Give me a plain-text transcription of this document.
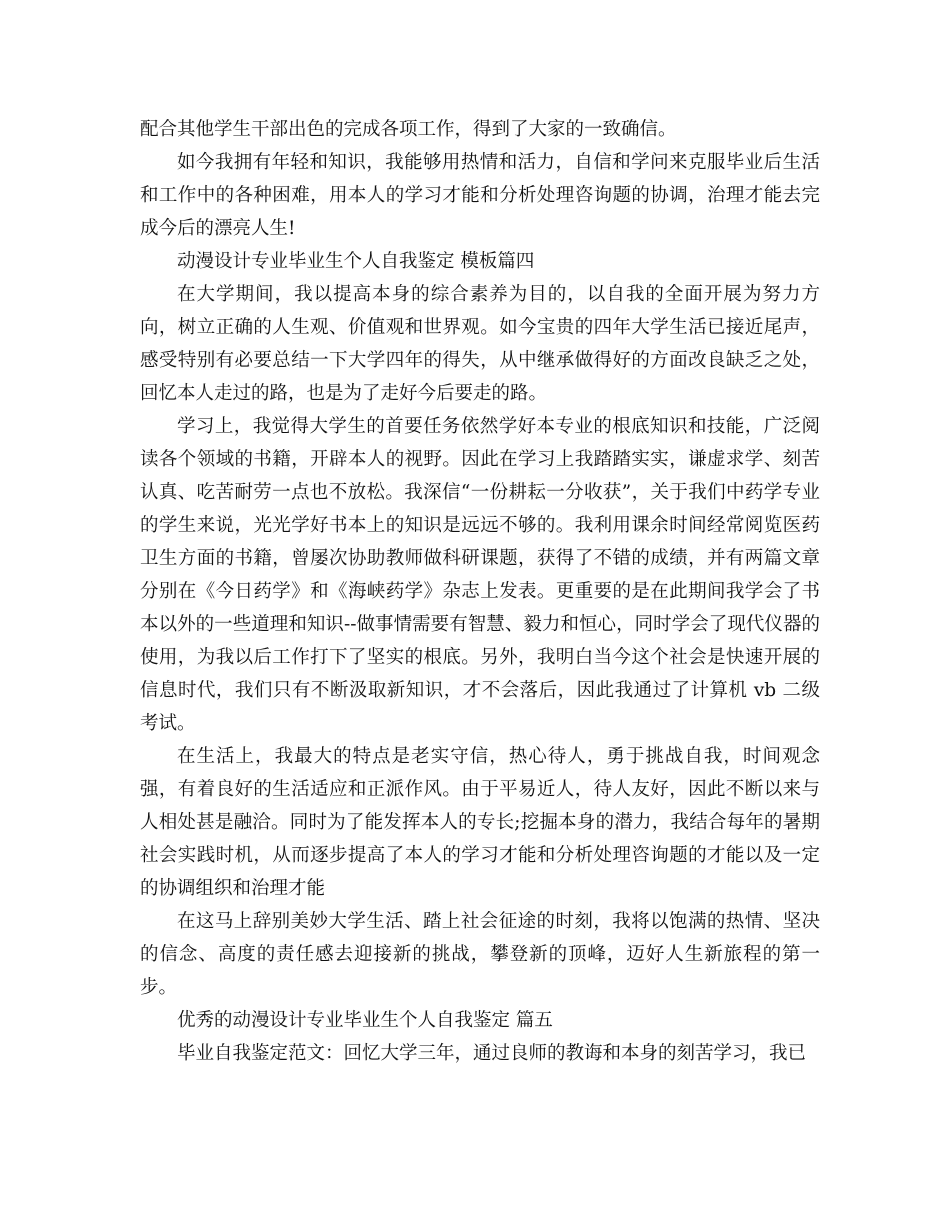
配合其他学生干部出色的完成各项工作，得到了大家的一致确信。

如今我拥有年轻和知识，我能够用热情和活力，自信和学问来克服毕业后生活和工作中的各种困难，用本人的学习才能和分析处理咨询题的协调，治理才能去完成今后的漂亮人生!

动漫设计专业毕业生个人自我鉴定 模板篇四

在大学期间，我以提高本身的综合素养为目的，以自我的全面开展为努力方向，树立正确的人生观、价值观和世界观。如今宝贵的四年大学生活已接近尾声，感受特别有必要总结一下大学四年的得失，从中继承做得好的方面改良缺乏之处，回忆本人走过的路，也是为了走好今后要走的路。

学习上，我觉得大学生的首要任务依然学好本专业的根底知识和技能，广泛阅读各个领域的书籍，开辟本人的视野。因此在学习上我踏踏实实，谦虚求学、刻苦认真、吃苦耐劳一点也不放松。我深信“一份耕耘一分收获”，关于我们中药学专业的学生来说，光光学好书本上的知识是远远不够的。我利用课余时间经常阅览医药卫生方面的书籍，曾屡次协助教师做科研课题，获得了不错的成绩，并有两篇文章分别在《今日药学》和《海峡药学》杂志上发表。更重要的是在此期间我学会了书本以外的一些道理和知识--做事情需要有智慧、毅力和恒心，同时学会了现代仪器的使用，为我以后工作打下了坚实的根底。另外，我明白当今这个社会是快速开展的信息时代，我们只有不断汲取新知识，才不会落后，因此我通过了计算机 vb 二级考试。

在生活上，我最大的特点是老实守信，热心待人，勇于挑战自我，时间观念强，有着良好的生活适应和正派作风。由于平易近人，待人友好，因此不断以来与人相处甚是融洽。同时为了能发挥本人的专长;挖掘本身的潜力，我结合每年的暑期社会实践时机，从而逐步提高了本人的学习才能和分析处理咨询题的才能以及一定的协调组织和治理才能

在这马上辞别美妙大学生活、踏上社会征途的时刻，我将以饱满的热情、坚决的信念、高度的责任感去迎接新的挑战，攀登新的顶峰，迈好人生新旅程的第一步。

优秀的动漫设计专业毕业生个人自我鉴定 篇五

毕业自我鉴定范文：回忆大学三年，通过良师的教诲和本身的刻苦学习，我已
